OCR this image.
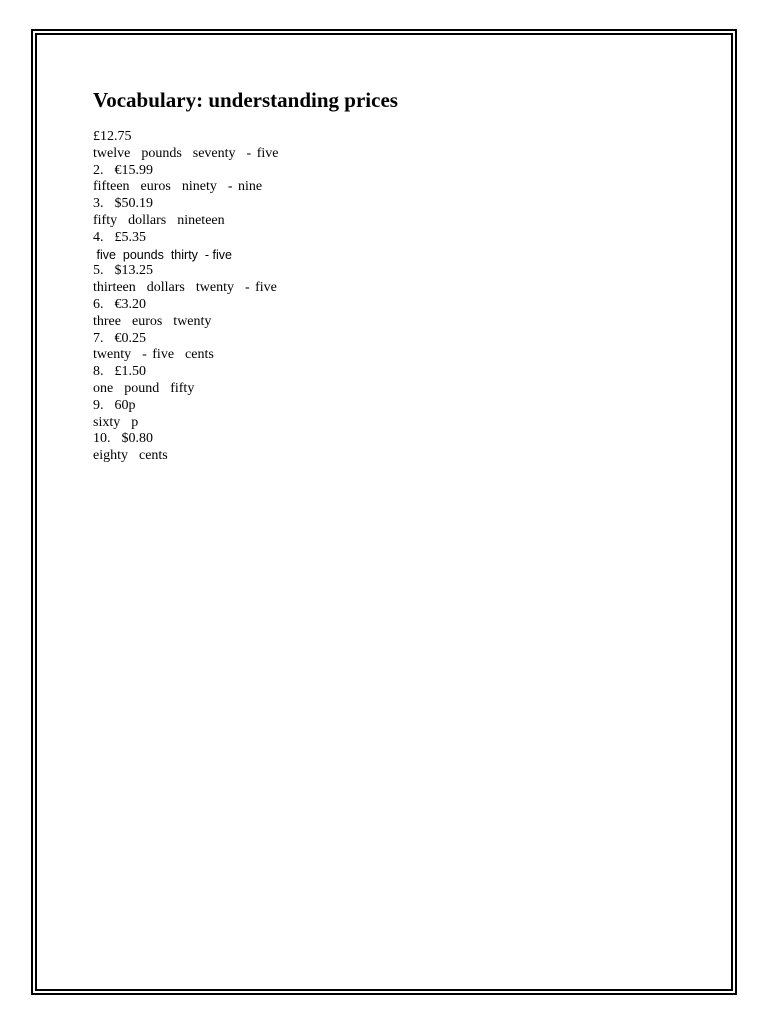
Vocabulary: understanding prices
£12.75
twelve  pounds  seventy  - five
2.  €15.99
fifteen  euros  ninety  - nine
3.  $50.19
fifty  dollars  nineteen
4.  £5.35
five  pounds  thirty  - five
5.  $13.25
thirteen  dollars  twenty  - five
6.  €3.20
three  euros  twenty
7.  €0.25
twenty  - five  cents
8.  £1.50
one  pound  fifty
9.  60p
sixty  p
10.  $0.80
eighty  cents
